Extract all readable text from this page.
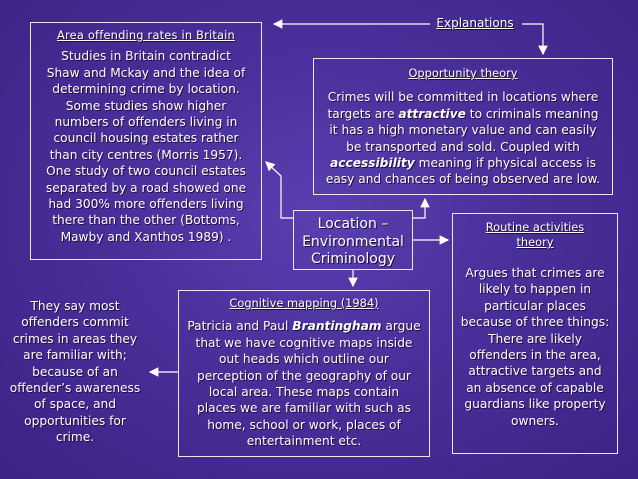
Explanations
Area offending rates in Britain

Studies in Britain contradict
Shaw and Mckay and the idea of
determining crime by location.
Some studies show higher
numbers of offenders living in
council housing estates rather
than city centres (Morris 1957).
One study of two council estates
separated by a road showed one
had 300% more offenders living
there than the other (Bottoms,
Mawby and Xanthos 1989) .

Opportunity theory
Crimes will be committed in locations where
targets are attractive to criminals meaning
it has a high monetary value and can easily
be transported and sold. Coupled with
accessibility meaning if physical access is
easy and chances of being observed are low.
Location –
Environmental
Criminology
Routine activities
theory

Argues that crimes are
likely to happen in
particular places
because of three things:
There are likely
offenders in the area,
attractive targets and
an absence of capable
guardians like property
owners.

Cognitive mapping (1984)
Patricia and Paul Brantingham argue

that we have cognitive maps inside
out heads which outline our
perception of the geography of our
local area. These maps contain
places we are familiar with such as
home, school or work, places of
entertainment etc.

They say most
offenders commit
crimes in areas they
are familiar with;
because of an
offender’s awareness
of space, and
opportunities for
crime.
